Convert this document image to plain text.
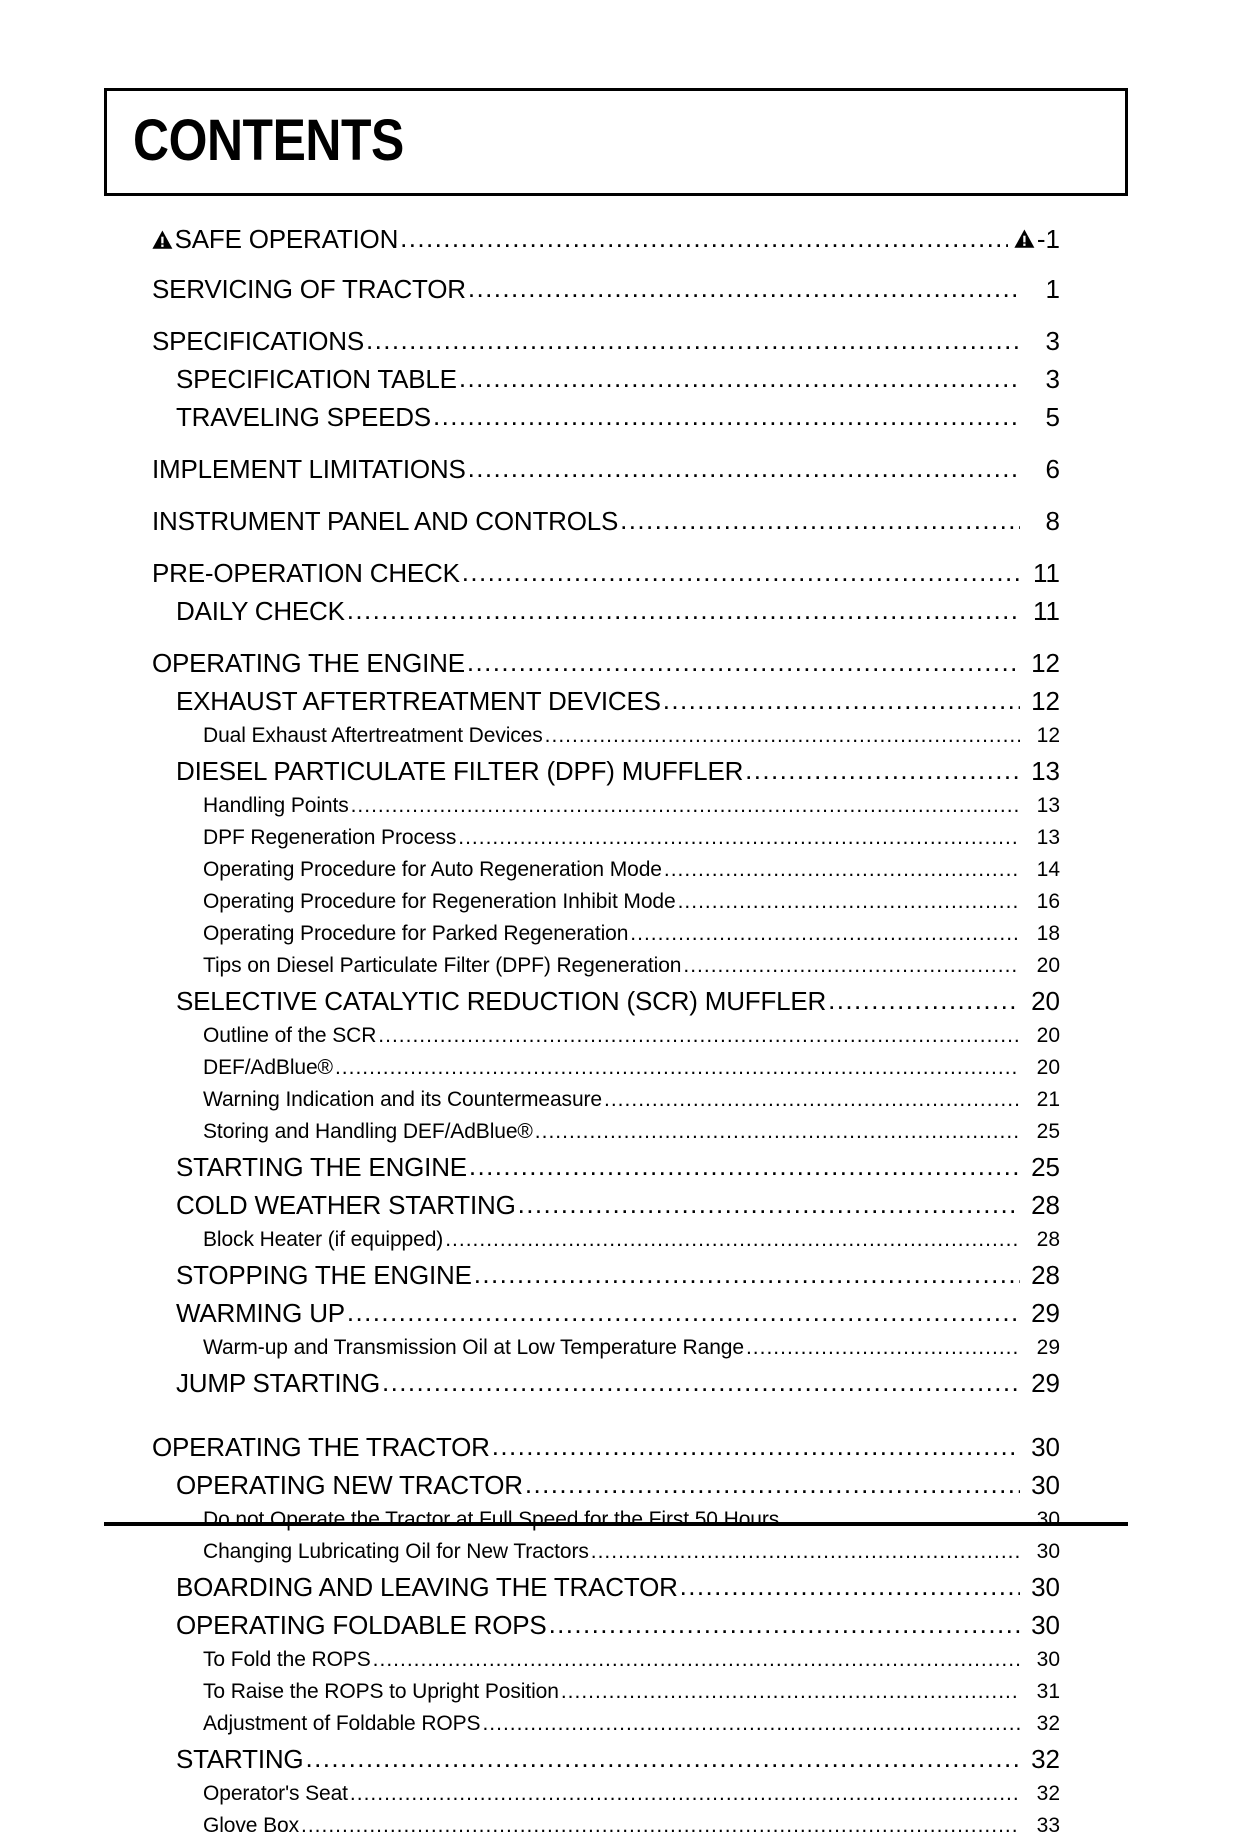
CONTENTS
SAFE OPERATION .....	-1
SERVICING OF TRACTOR .....	1
SPECIFICATIONS .....	3
SPECIFICATION TABLE .....	3
TRAVELING SPEEDS .....	5
IMPLEMENT LIMITATIONS .....	6
INSTRUMENT PANEL AND CONTROLS .....	8
PRE-OPERATION CHECK .....	11
DAILY CHECK .....	11
OPERATING THE ENGINE .....	12
EXHAUST AFTERTREATMENT DEVICES .....	12
Dual Exhaust Aftertreatment Devices .....	12
DIESEL PARTICULATE FILTER (DPF) MUFFLER .....	13
Handling Points .....	13
DPF Regeneration Process .....	13
Operating Procedure for Auto Regeneration Mode .....	14
Operating Procedure for Regeneration Inhibit Mode .....	16
Operating Procedure for Parked Regeneration .....	18
Tips on Diesel Particulate Filter (DPF) Regeneration .....	20
SELECTIVE CATALYTIC REDUCTION (SCR) MUFFLER .....	20
Outline of the SCR .....	20
DEF/AdBlue® .....	20
Warning Indication and its Countermeasure .....	21
Storing and Handling DEF/AdBlue® .....	25
STARTING THE ENGINE .....	25
COLD WEATHER STARTING .....	28
Block Heater (if equipped) .....	28
STOPPING THE ENGINE .....	28
WARMING UP .....	29
Warm-up and Transmission Oil at Low Temperature Range .....	29
JUMP STARTING .....	29
OPERATING THE TRACTOR .....	30
OPERATING NEW TRACTOR .....	30
Do not Operate the Tractor at Full Speed for the First 50 Hours. .....	30
Changing Lubricating Oil for New Tractors .....	30
BOARDING AND LEAVING THE TRACTOR .....	30
OPERATING FOLDABLE ROPS .....	30
To Fold the ROPS .....	30
To Raise the ROPS to Upright Position .....	31
Adjustment of Foldable ROPS .....	32
STARTING .....	32
Operator's Seat .....	32
Glove Box .....	33
